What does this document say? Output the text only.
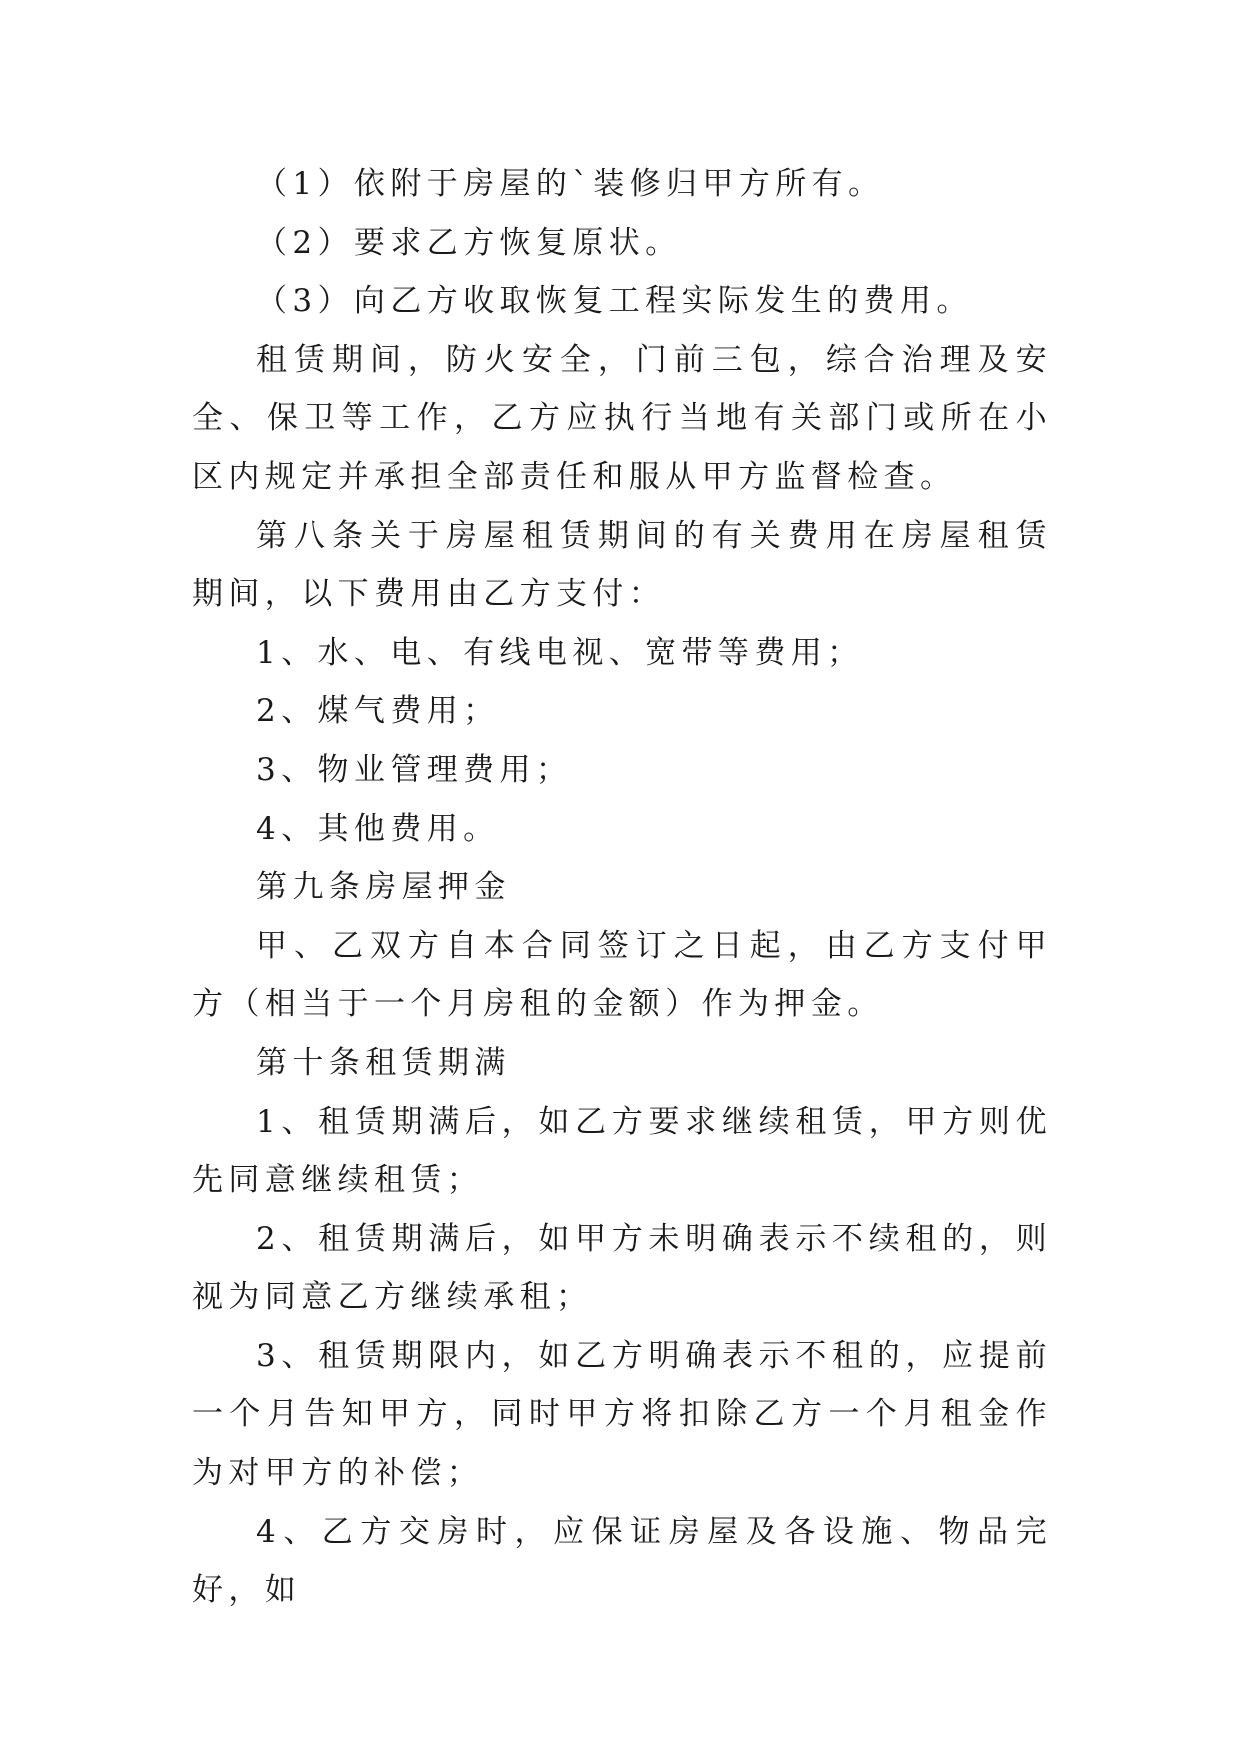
（1）依附于房屋的`装修归甲方所有。

（2）要求乙方恢复原状。

（3）向乙方收取恢复工程实际发生的费用。

租赁期间，防火安全，门前三包，综合治理及安全、保卫等工作，乙方应执行当地有关部门或所在小区内规定并承担全部责任和服从甲方监督检查。

第八条关于房屋租赁期间的有关费用在房屋租赁期间，以下费用由乙方支付：

1、水、电、有线电视、宽带等费用；

2、煤气费用；

3、物业管理费用；

4、其他费用。

第九条房屋押金

甲、乙双方自本合同签订之日起，由乙方支付甲方（相当于一个月房租的金额）作为押金。

第十条租赁期满

1、租赁期满后，如乙方要求继续租赁，甲方则优先同意继续租赁；

2、租赁期满后，如甲方未明确表示不续租的，则视为同意乙方继续承租；

3、租赁期限内，如乙方明确表示不租的，应提前一个月告知甲方，同时甲方将扣除乙方一个月租金作为对甲方的补偿；

4、乙方交房时，应保证房屋及各设施、物品完好，如
